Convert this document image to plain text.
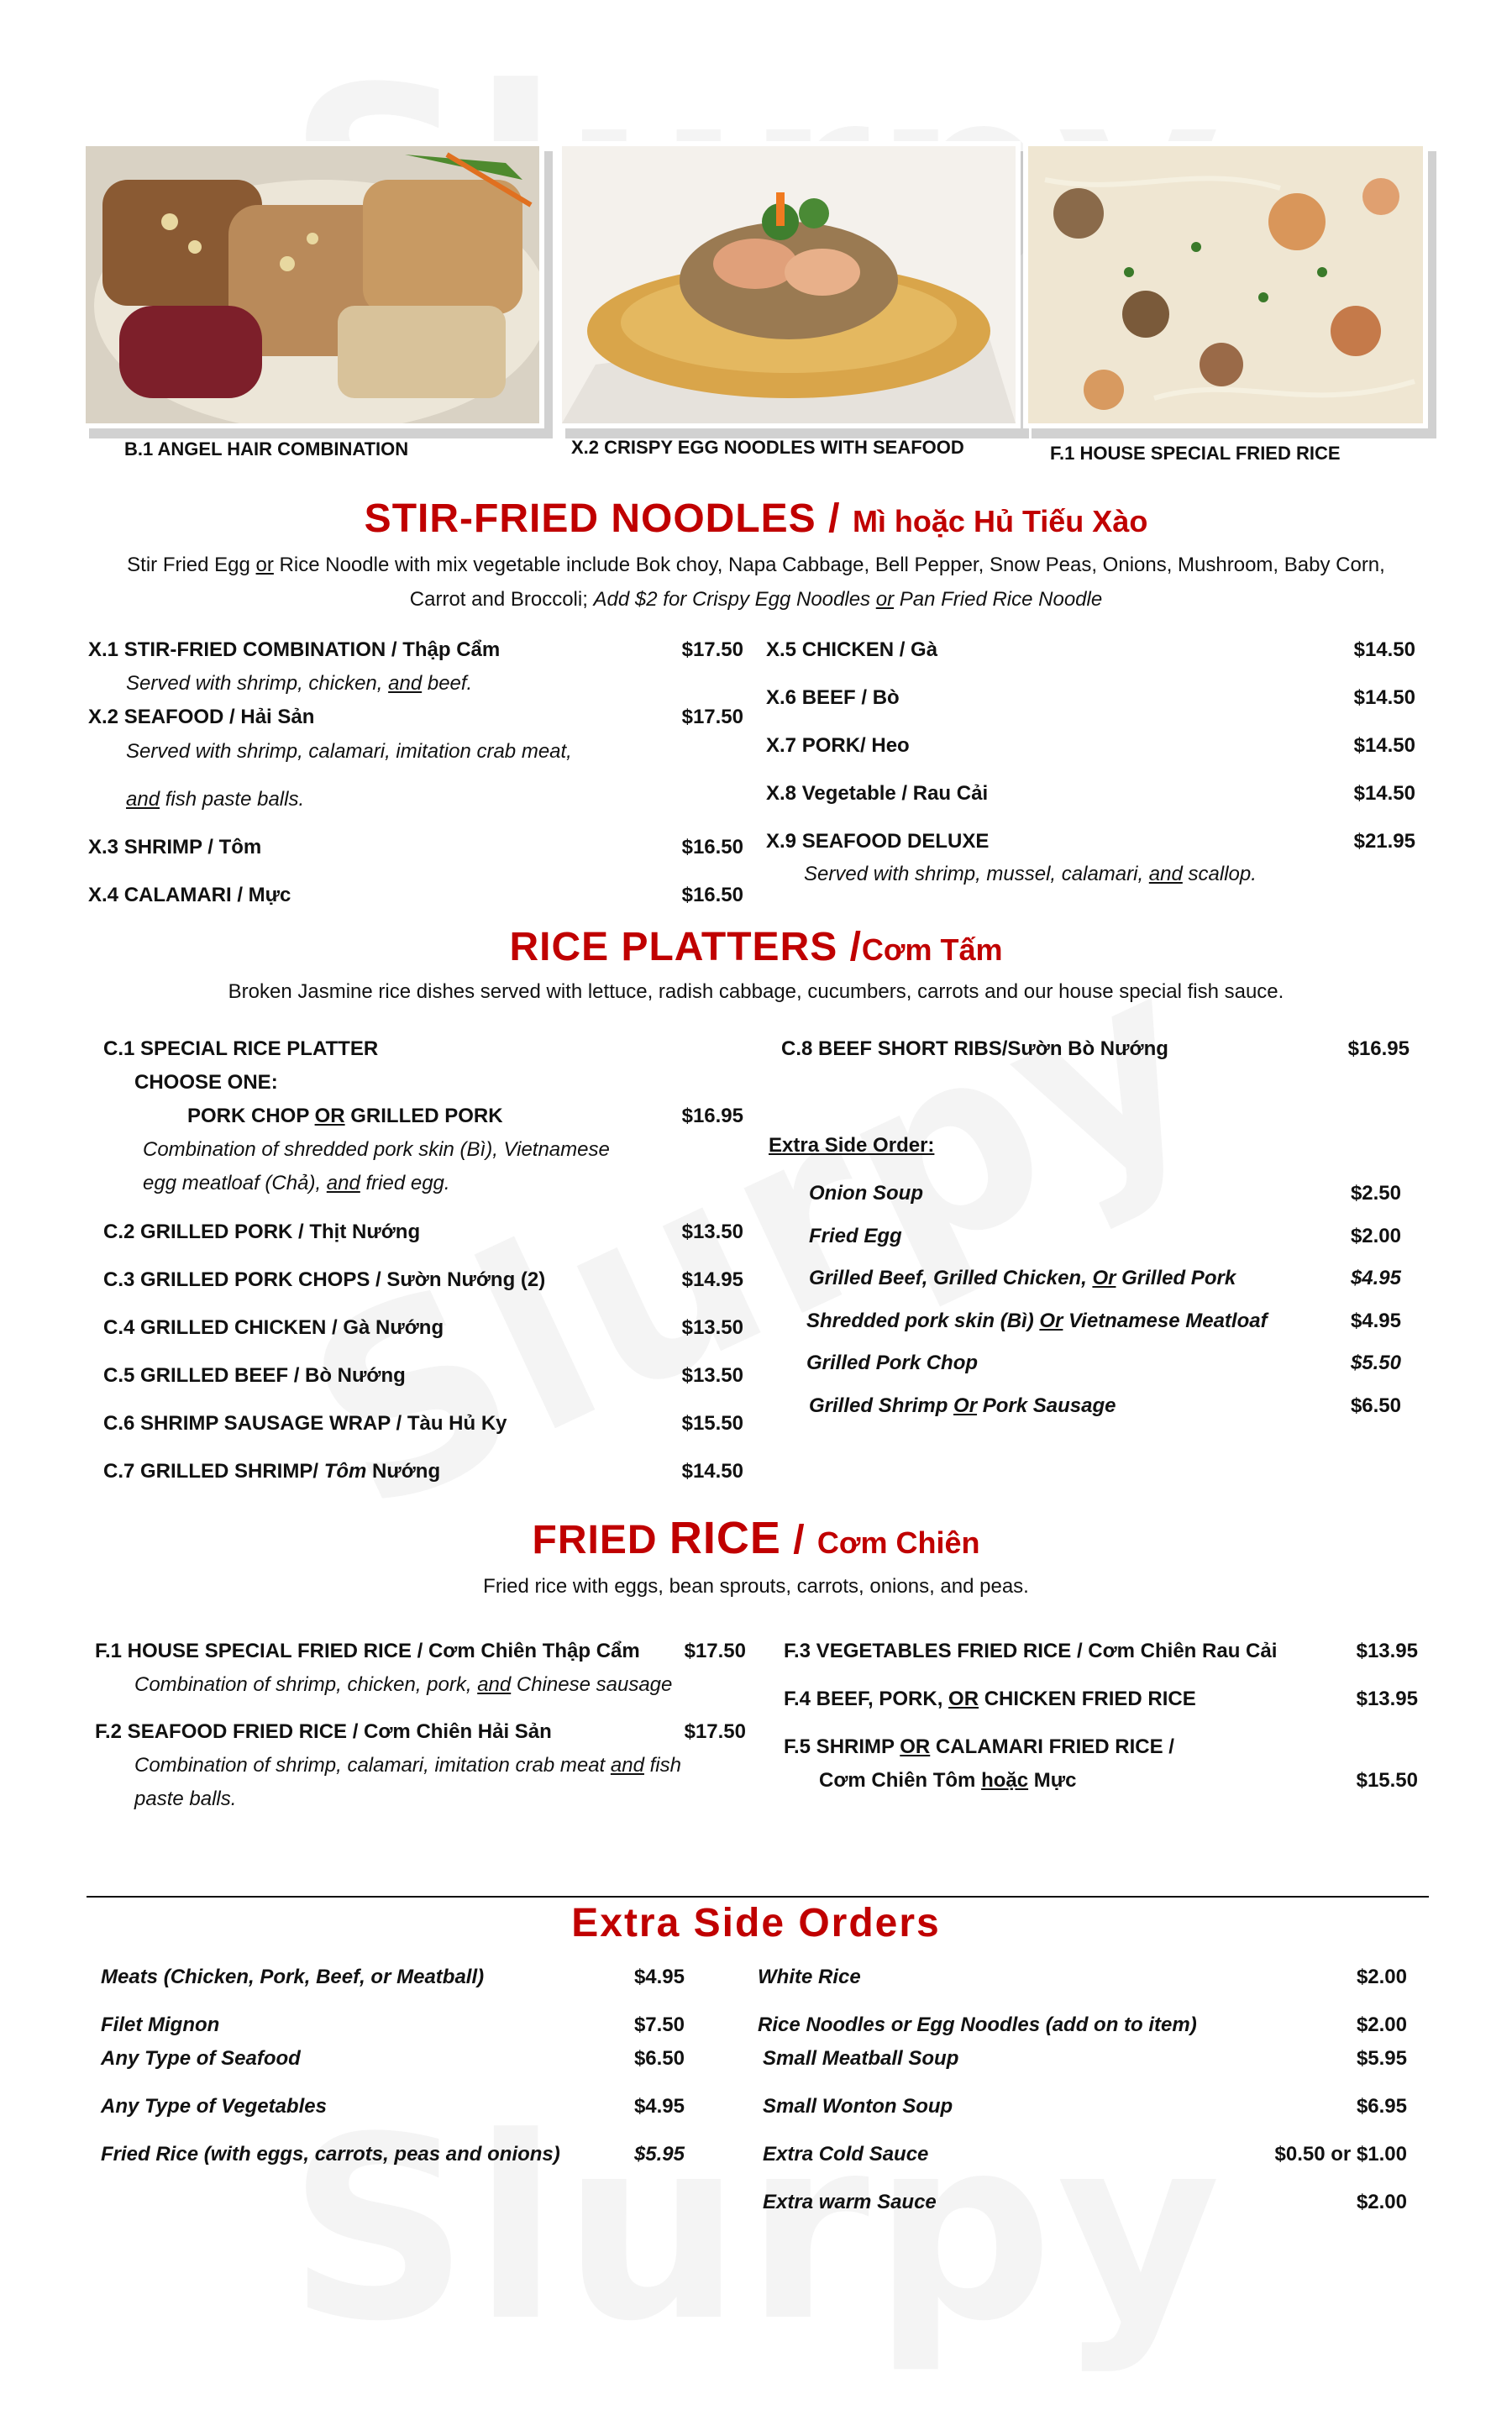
B.1 ANGEL HAIR COMBINATION	X.2 CRISPY EGG NOODLES WITH SEAFOOD	F.1 HOUSE SPECIAL FRIED RICE
STIR-FRIED NOODLES / Mì hoặc Hủ Tiếu Xào
Stir Fried Egg or Rice Noodle with mix vegetable include Bok choy, Napa Cabbage, Bell Pepper, Snow Peas, Onions, Mushroom, Baby Corn,
Carrot and Broccoli; Add $2 for Crispy Egg Noodles or Pan Fried Rice Noodle
X.1 STIR-FRIED COMBINATION / Thập Cẩm	$17.50
Served with shrimp, chicken, and beef.
X.2 SEAFOOD / Hải Sản	$17.50
Served with shrimp, calamari, imitation crab meat,
and fish paste balls.
X.3 SHRIMP / Tôm	$16.50
X.4 CALAMARI / Mực	$16.50
X.5 CHICKEN / Gà	$14.50
X.6 BEEF / Bò	$14.50
X.7 PORK/ Heo	$14.50
X.8 Vegetable / Rau Cải	$14.50
X.9 SEAFOOD DELUXE	$21.95
Served with shrimp, mussel, calamari, and scallop.
RICE PLATTERS /Cơm Tấm
Broken Jasmine rice dishes served with lettuce, radish cabbage, cucumbers, carrots and our house special fish sauce.
C.1 SPECIAL RICE PLATTER
CHOOSE ONE:
PORK CHOP OR GRILLED PORK	$16.95
Combination of shredded pork skin (Bì), Vietnamese
egg meatloaf (Chả), and fried egg.
C.2 GRILLED PORK / Thịt Nướng	$13.50
C.3 GRILLED PORK CHOPS / Sườn Nướng (2)	$14.95
C.4 GRILLED CHICKEN / Gà Nướng	$13.50
C.5 GRILLED BEEF / Bò Nướng	$13.50
C.6 SHRIMP SAUSAGE WRAP / Tàu Hủ Ky	$15.50
C.7 GRILLED SHRIMP/ Tôm Nướng	$14.50
C.8 BEEF SHORT RIBS/Sườn Bò Nướng	$16.95
Extra Side Order:
Onion Soup	$2.50
Fried Egg	$2.00
Grilled Beef, Grilled Chicken, Or Grilled Pork	$4.95
Shredded pork skin (Bì) Or Vietnamese Meatloaf	$4.95
Grilled Pork Chop	$5.50
Grilled Shrimp Or Pork Sausage	$6.50
FRIED RICE / Cơm Chiên
Fried rice with eggs, bean sprouts, carrots, onions, and peas.
F.1 HOUSE SPECIAL FRIED RICE / Cơm Chiên Thập Cẩm	$17.50
Combination of shrimp, chicken, pork, and Chinese sausage
F.2 SEAFOOD FRIED RICE / Cơm Chiên Hải Sản	$17.50
Combination of shrimp, calamari, imitation crab meat and fish
paste balls.
F.3 VEGETABLES FRIED RICE / Cơm Chiên Rau Cải	$13.95
F.4 BEEF, PORK, OR CHICKEN FRIED RICE	$13.95
F.5 SHRIMP OR CALAMARI FRIED RICE /
Cơm Chiên Tôm hoặc Mực	$15.50
Extra Side Orders
Meats (Chicken, Pork, Beef, or Meatball)	$4.95
Filet Mignon	$7.50
Any Type of Seafood	$6.50
Any Type of Vegetables	$4.95
Fried Rice (with eggs, carrots, peas and onions)	$5.95
White Rice	$2.00
Rice Noodles or Egg Noodles (add on to item)	$2.00
Small Meatball Soup	$5.95
Small Wonton Soup	$6.95
Extra Cold Sauce	$0.50 or $1.00
Extra warm Sauce	$2.00
